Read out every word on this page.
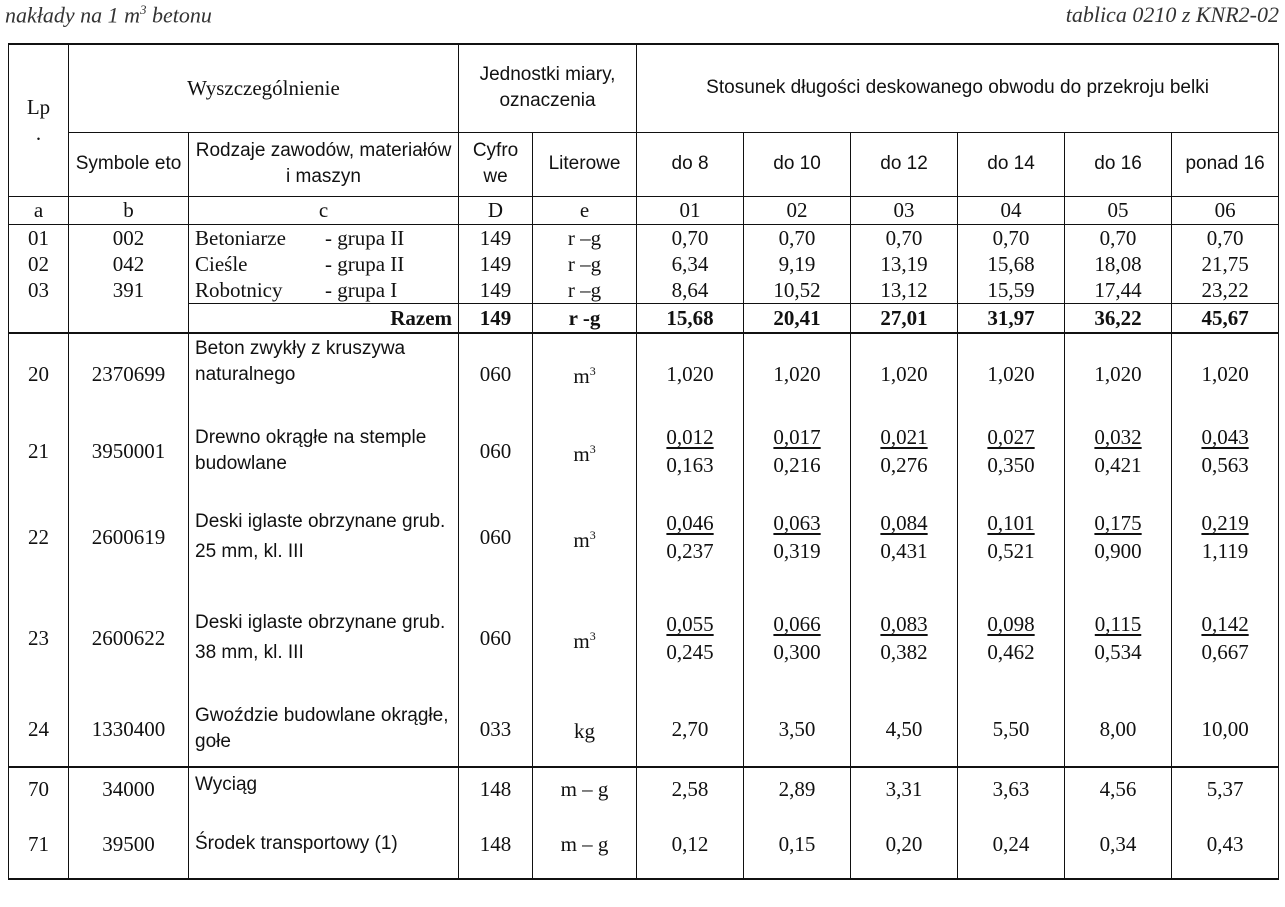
nakłady na 1 $m^3$ betonu	tablica 0210 z KNR2-02
Lp
.	Wyszczególnienie		Jednostki miary, oznaczenia		Stosunek długości deskowanego obwodu do przekroju belki					
	Symbole eto	Rodzaje zawodów, materiałów i maszyn	Cyfro we	Literowe	do 8	do 10	do 12	do 14	do 16	ponad 16
a	b	c	D	e	01	02	03	04	05	06
01	002	Betoniarze - grupa II	149	r –g	0,70	0,70	0,70	0,70	0,70	0,70
02	042	Cieśle - grupa II	149	r –g	6,34	9,19	13,19	15,68	18,08	21,75
03	391	Robotnicy - grupa I	149	r –g	8,64	10,52	13,12	15,59	17,44	23,22
		Razem	149	r -g	15,68	20,41	27,01	31,97	36,22	45,67
20	2370699	Beton zwykły z kruszywa naturalnego	060	$m^3$	1,020	1,020	1,020	1,020	1,020	1,020
21	3950001	Drewno okrągłe na stemple budowlane	060	$m^3$	$\frac{0,012}{0,163}$	$\frac{0,017}{0,216}$	$\frac{0,021}{0,276}$	$\frac{0,027}{0,350}$	$\frac{0,032}{0,421}$	$\frac{0,043}{0,563}$

22	2600619	Deski iglaste obrzynane grub. 25 mm, kl. III	060	$m^3$	$\frac{0,046}{0,237}$	$\frac{0,063}{0,319}$	$\frac{0,084}{0,431}$	$\frac{0,101}{0,521}$	$\frac{0,175}{0,900}$	$\frac{0,219}{1,119}$

23	2600622	Deski iglaste obrzynane grub. 38 mm, kl. III	060	$m^3$	$\frac{0,055}{0,245}$	$\frac{0,066}{0,300}$	$\frac{0,083}{0,382}$	$\frac{0,098}{0,462}$	$\frac{0,115}{0,534}$	$\frac{0,142}{0,667}$

24	1330400	Gwoździe budowlane okrągłe, gołe	033	kg	2,70	3,50	4,50	5,50	8,00	10,00
70	34000	Wyciąg	148	m – g	2,58	2,89	3,31	3,63	4,56	5,37
71	39500	Środek transportowy (1)	148	m – g	0,12	0,15	0,20	0,24	0,34	0,43
